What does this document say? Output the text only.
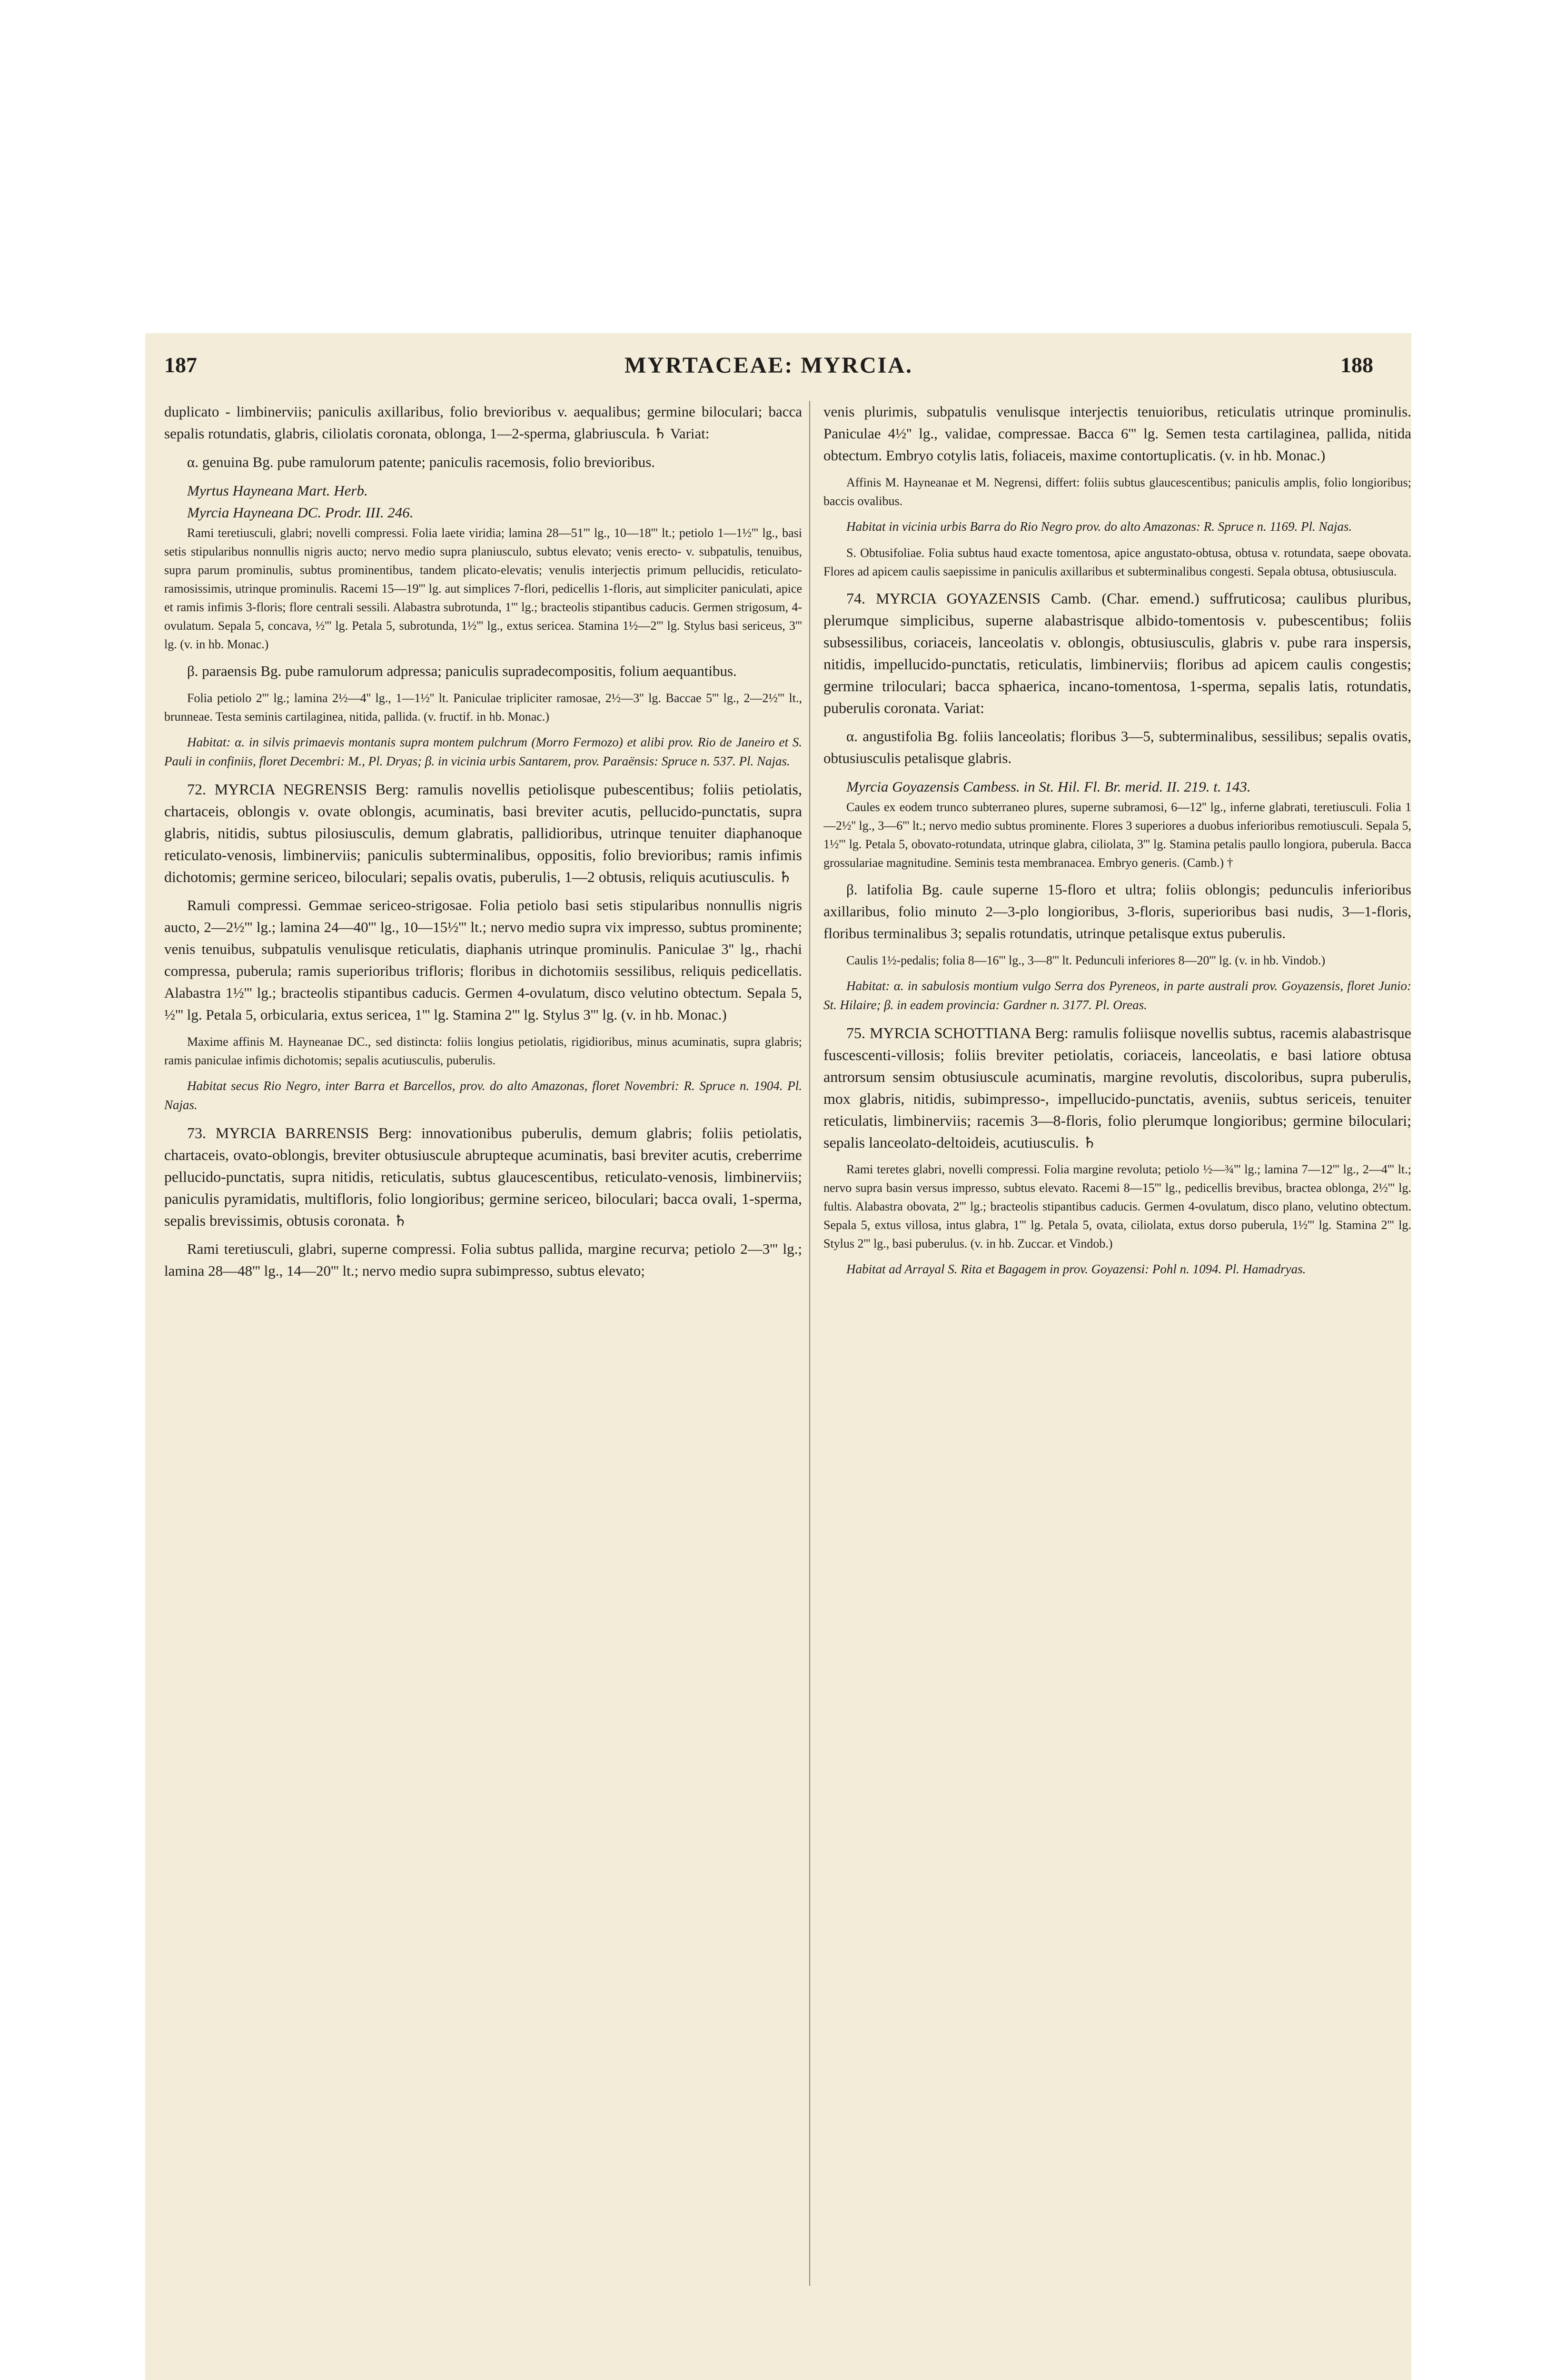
187	MYRTACEAE: MYRCIA.	188

duplicato - limbinerviis; paniculis axillaribus, folio brevioribus v. aequalibus; germine biloculari; bacca sepalis rotundatis, glabris, ciliolatis coronata, oblonga, 1—2-sperma, glabriuscula. ♄ Variat:

α. genuina Bg. pube ramulorum patente; paniculis racemosis, folio brevioribus.

Myrtus Hayneana Mart. Herb.

Myrcia Hayneana DC. Prodr. III. 246.

Rami teretiusculi, glabri; novelli compressi. Folia laete viridia; lamina 28—51''' lg., 10—18''' lt.; petiolo 1—1½''' lg., basi setis stipularibus nonnullis nigris aucto; nervo medio supra planiusculo, subtus elevato; venis erecto- v. subpatulis, tenuibus, supra parum prominulis, subtus prominentibus, tandem plicato-elevatis; venulis interjectis primum pellucidis, reticulato-ramosissimis, utrinque prominulis. Racemi 15—19''' lg. aut simplices 7-flori, pedicellis 1-floris, aut simpliciter paniculati, apice et ramis infimis 3-floris; flore centrali sessili. Alabastra subrotunda, 1''' lg.; bracteolis stipantibus caducis. Germen strigosum, 4-ovulatum. Sepala 5, concava, ½''' lg. Petala 5, subrotunda, 1½''' lg., extus sericea. Stamina 1½—2''' lg. Stylus basi sericeus, 3''' lg. (v. in hb. Monac.)

β. paraensis Bg. pube ramulorum adpressa; paniculis supradecompositis, folium aequantibus.

Folia petiolo 2''' lg.; lamina 2½—4'' lg., 1—1½'' lt. Paniculae tripliciter ramosae, 2½—3'' lg. Baccae 5''' lg., 2—2½''' lt., brunneae. Testa seminis cartilaginea, nitida, pallida. (v. fructif. in hb. Monac.)

Habitat: α. in silvis primaevis montanis supra montem pulchrum (Morro Fermozo) et alibi prov. Rio de Janeiro et S. Pauli in confiniis, floret Decembri: M., Pl. Dryas; β. in vicinia urbis Santarem, prov. Paraënsis: Spruce n. 537. Pl. Najas.

72. MYRCIA NEGRENSIS Berg: ramulis novellis petiolisque pubescentibus; foliis petiolatis, chartaceis, oblongis v. ovate oblongis, acuminatis, basi breviter acutis, pellucido-punctatis, supra glabris, nitidis, subtus pilosiusculis, demum glabratis, pallidioribus, utrinque tenuiter diaphanoque reticulato-venosis, limbinerviis; paniculis subterminalibus, oppositis, folio brevioribus; ramis infimis dichotomis; germine sericeo, biloculari; sepalis ovatis, puberulis, 1—2 obtusis, reliquis acutiusculis. ♄

Ramuli compressi. Gemmae sericeo-strigosae. Folia petiolo basi setis stipularibus nonnullis nigris aucto, 2—2½''' lg.; lamina 24—40''' lg., 10—15½''' lt.; nervo medio supra vix impresso, subtus prominente; venis tenuibus, subpatulis venulisque reticulatis, diaphanis utrinque prominulis. Paniculae 3'' lg., rhachi compressa, puberula; ramis superioribus trifloris; floribus in dichotomiis sessilibus, reliquis pedicellatis. Alabastra 1½''' lg.; bracteolis stipantibus caducis. Germen 4-ovulatum, disco velutino obtectum. Sepala 5, ½''' lg. Petala 5, orbicularia, extus sericea, 1''' lg. Stamina 2''' lg. Stylus 3''' lg. (v. in hb. Monac.)

Maxime affinis M. Hayneanae DC., sed distincta: foliis longius petiolatis, rigidioribus, minus acuminatis, supra glabris; ramis paniculae infimis dichotomis; sepalis acutiusculis, puberulis.

Habitat secus Rio Negro, inter Barra et Barcellos, prov. do alto Amazonas, floret Novembri: R. Spruce n. 1904. Pl. Najas.

73. MYRCIA BARRENSIS Berg: innovationibus puberulis, demum glabris; foliis petiolatis, chartaceis, ovato-oblongis, breviter obtusiuscule abrupteque acuminatis, basi breviter acutis, creberrime pellucido-punctatis, supra nitidis, reticulatis, subtus glaucescentibus, reticulato-venosis, limbinerviis; paniculis pyramidatis, multifloris, folio longioribus; germine sericeo, biloculari; bacca ovali, 1-sperma, sepalis brevissimis, obtusis coronata. ♄

Rami teretiusculi, glabri, superne compressi. Folia subtus pallida, margine recurva; petiolo 2—3''' lg.; lamina 28—48''' lg., 14—20''' lt.; nervo medio supra subimpresso, subtus elevato;

venis plurimis, subpatulis venulisque interjectis tenuioribus, reticulatis utrinque prominulis. Paniculae 4½'' lg., validae, compressae. Bacca 6''' lg. Semen testa cartilaginea, pallida, nitida obtectum. Embryo cotylis latis, foliaceis, maxime contortuplicatis. (v. in hb. Monac.)

Affinis M. Hayneanae et M. Negrensi, differt: foliis subtus glaucescentibus; paniculis amplis, folio longioribus; baccis ovalibus.

Habitat in vicinia urbis Barra do Rio Negro prov. do alto Amazonas: R. Spruce n. 1169. Pl. Najas.

S. Obtusifoliae. Folia subtus haud exacte tomentosa, apice angustato-obtusa, obtusa v. rotundata, saepe obovata. Flores ad apicem caulis saepissime in paniculis axillaribus et subterminalibus congesti. Sepala obtusa, obtusiuscula.

74. MYRCIA GOYAZENSIS Camb. (Char. emend.) suffruticosa; caulibus pluribus, plerumque simplicibus, superne alabastrisque albido-tomentosis v. pubescentibus; foliis subsessilibus, coriaceis, lanceolatis v. oblongis, obtusiusculis, glabris v. pube rara inspersis, nitidis, impellucido-punctatis, reticulatis, limbinerviis; floribus ad apicem caulis congestis; germine triloculari; bacca sphaerica, incano-tomentosa, 1-sperma, sepalis latis, rotundatis, puberulis coronata. Variat:

α. angustifolia Bg. foliis lanceolatis; floribus 3—5, subterminalibus, sessilibus; sepalis ovatis, obtusiusculis petalisque glabris.

Myrcia Goyazensis Cambess. in St. Hil. Fl. Br. merid. II. 219. t. 143.

Caules ex eodem trunco subterraneo plures, superne subramosi, 6—12'' lg., inferne glabrati, teretiusculi. Folia 1—2½'' lg., 3—6''' lt.; nervo medio subtus prominente. Flores 3 superiores a duobus inferioribus remotiusculi. Sepala 5, 1½''' lg. Petala 5, obovato-rotundata, utrinque glabra, ciliolata, 3''' lg. Stamina petalis paullo longiora, puberula. Bacca grossulariae magnitudine. Seminis testa membranacea. Embryo generis. (Camb.) †

β. latifolia Bg. caule superne 15-floro et ultra; foliis oblongis; pedunculis inferioribus axillaribus, folio minuto 2—3-plo longioribus, 3-floris, superioribus basi nudis, 3—1-floris, floribus terminalibus 3; sepalis rotundatis, utrinque petalisque extus puberulis.

Caulis 1½-pedalis; folia 8—16''' lg., 3—8''' lt. Pedunculi inferiores 8—20''' lg. (v. in hb. Vindob.)

Habitat: α. in sabulosis montium vulgo Serra dos Pyreneos, in parte australi prov. Goyazensis, floret Junio: St. Hilaire; β. in eadem provincia: Gardner n. 3177. Pl. Oreas.

75. MYRCIA SCHOTTIANA Berg: ramulis foliisque novellis subtus, racemis alabastrisque fuscescenti-villosis; foliis breviter petiolatis, coriaceis, lanceolatis, e basi latiore obtusa antrorsum sensim obtusiuscule acuminatis, margine revolutis, discoloribus, supra puberulis, mox glabris, nitidis, subimpresso-, impellucido-punctatis, aveniis, subtus sericeis, tenuiter reticulatis, limbinerviis; racemis 3—8-floris, folio plerumque longioribus; germine biloculari; sepalis lanceolato-deltoideis, acutiusculis. ♄

Rami teretes glabri, novelli compressi. Folia margine revoluta; petiolo ½—¾''' lg.; lamina 7—12''' lg., 2—4''' lt.; nervo supra basin versus impresso, subtus elevato. Racemi 8—15''' lg., pedicellis brevibus, bractea oblonga, 2½''' lg. fultis. Alabastra obovata, 2''' lg.; bracteolis stipantibus caducis. Germen 4-ovulatum, disco plano, velutino obtectum. Sepala 5, extus villosa, intus glabra, 1''' lg. Petala 5, ovata, ciliolata, extus dorso puberula, 1½''' lg. Stamina 2''' lg. Stylus 2''' lg., basi puberulus. (v. in hb. Zuccar. et Vindob.)

Habitat ad Arrayal S. Rita et Bagagem in prov. Goyazensi: Pohl n. 1094. Pl. Hamadryas.
